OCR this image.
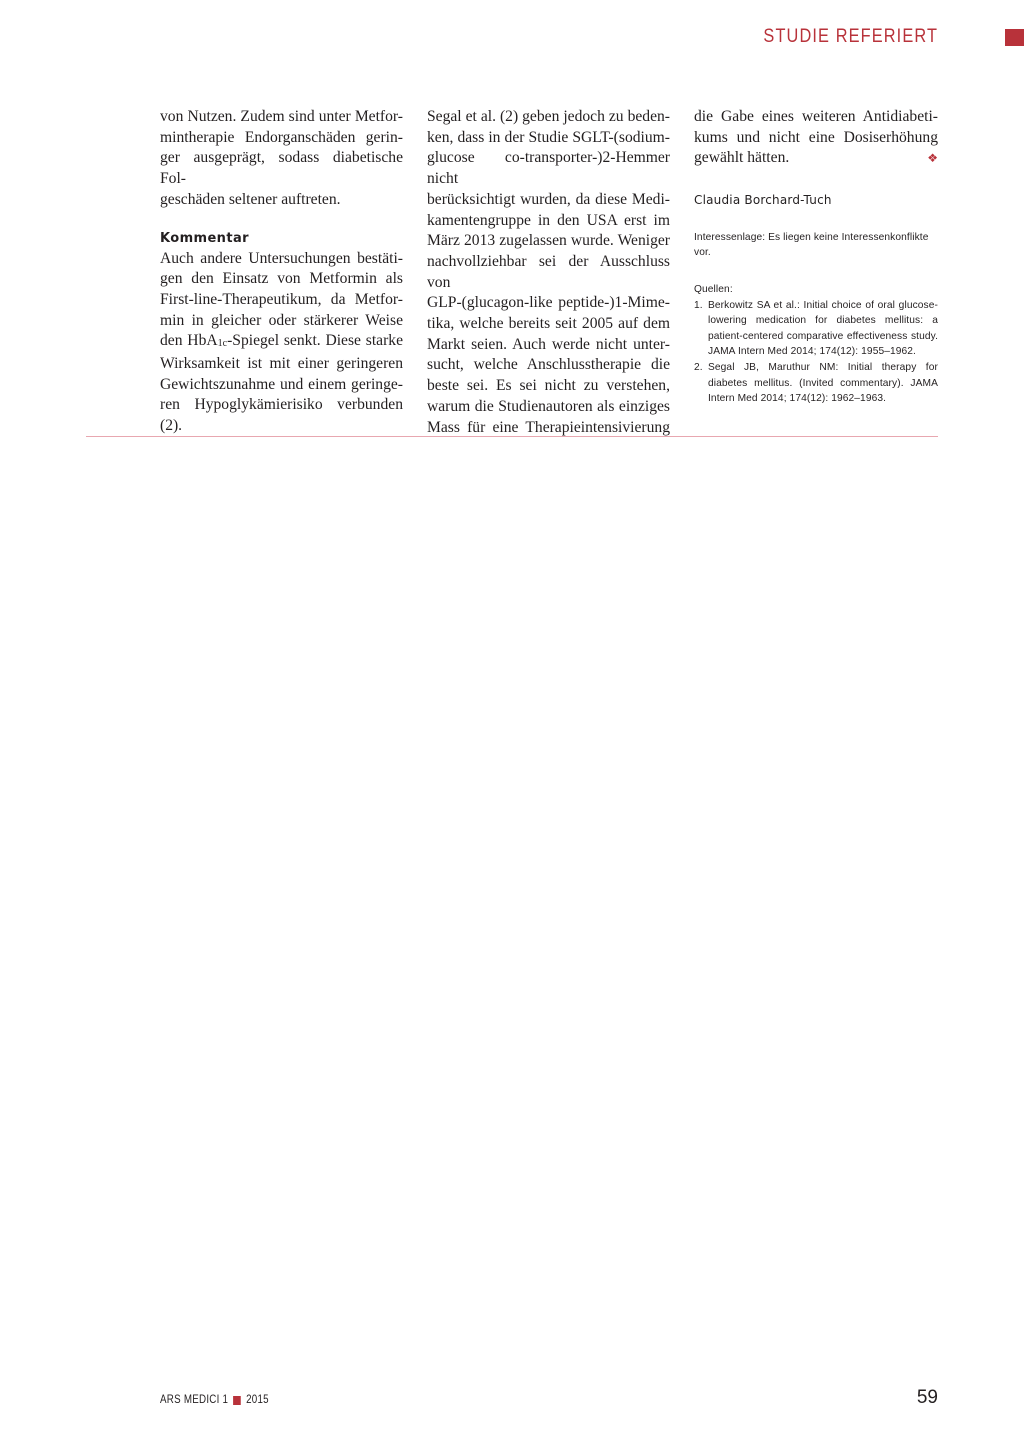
STUDIE REFERIERT

von Nutzen. Zudem sind unter Metfor-

mintherapie Endorganschäden gerin-

ger ausgeprägt, sodass diabetische Fol-

geschäden seltener auftreten.

Kommentar

Auch andere Untersuchungen bestäti-

gen den Einsatz von Metformin als

First-line-Therapeutikum, da Metfor-

min in gleicher oder stärkerer Weise

den HbA$_{1c}$-Spiegel senkt. Diese starke

Wirksamkeit ist mit einer geringeren

Gewichtszunahme und einem geringe-

ren Hypoglykämierisiko verbunden (2).

Segal et al. (2) geben jedoch zu beden-

ken, dass in der Studie SGLT-(sodium-

glucose co-transporter-)2-Hemmer nicht

berücksichtigt wurden, da diese Medi-

kamentengruppe in den USA erst im

März 2013 zugelassen wurde. Weniger

nachvollziehbar sei der Ausschluss von

GLP-(glucagon-like peptide-)1-Mime-

tika, welche bereits seit 2005 auf dem

Markt seien. Auch werde nicht unter-

sucht, welche Anschlusstherapie die

beste sei. Es sei nicht zu verstehen,

warum die Studienautoren als einziges

Mass für eine Therapieintensivierung

die Gabe eines weiteren Antidiabeti-

kums und nicht eine Dosiserhöhung

gewählt hätten.	❖

Claudia Borchard-Tuch

Interessenlage: Es liegen keine Interessenkonflikte vor.

Quellen:

1. Berkowitz SA et al.: Initial choice of oral glucose-lowering medication for diabetes mellitus: a patient-centered comparative effectiveness study. JAMA Intern Med 2014; 174(12): 1955–1962.
2. Segal JB, Maruthur NM: Initial therapy for diabetes mellitus. (Invited commentary). JAMA Intern Med 2014; 174(12): 1962–1963.
ARS MEDICI 1 2015	59
